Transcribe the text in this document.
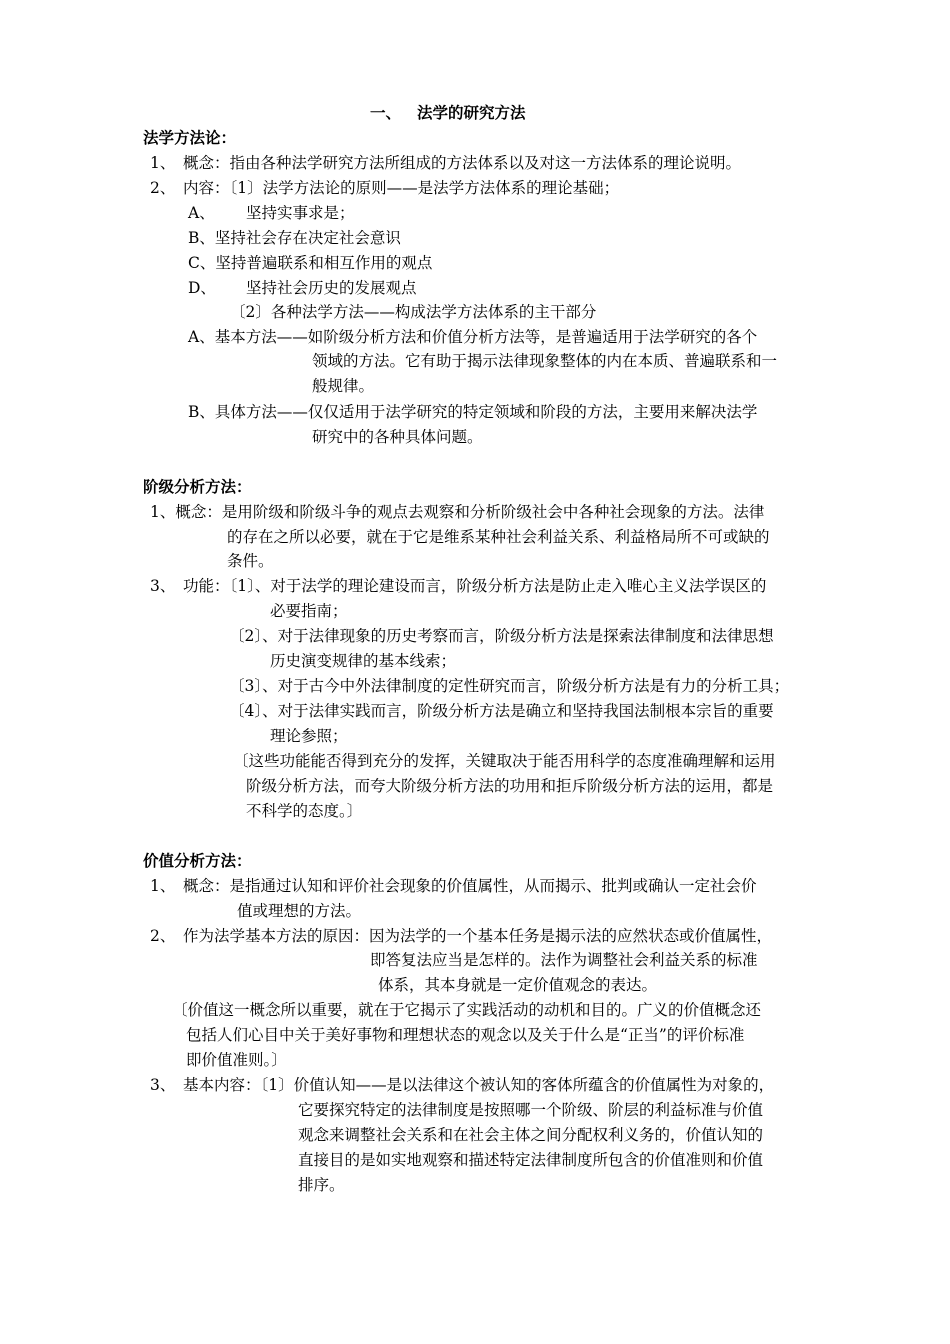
一、 法学的研究方法
法学方法论：
1、 概念：指由各种法学研究方法所组成的方法体系以及对这一方法体系的理论说明。
2、 内容：〔1〕法学方法论的原则——是法学方法体系的理论基础；
A、 坚持实事求是；
B、坚持社会存在决定社会意识
C、坚持普遍联系和相互作用的观点
D、 坚持社会历史的发展观点
〔2〕各种法学方法——构成法学方法体系的主干部分
A、基本方法——如阶级分析方法和价值分析方法等，是普遍适用于法学研究的各个
领域的方法。它有助于揭示法律现象整体的内在本质、普遍联系和一
般规律。
B、具体方法——仅仅适用于法学研究的特定领域和阶段的方法，主要用来解决法学
研究中的各种具体问题。
阶级分析方法：
1、概念：是用阶级和阶级斗争的观点去观察和分析阶级社会中各种社会现象的方法。法律
的存在之所以必要，就在于它是维系某种社会利益关系、利益格局所不可或缺的
条件。
3、 功能：〔1〕、对于法学的理论建设而言，阶级分析方法是防止走入唯心主义法学误区的
必要指南；
〔2〕、对于法律现象的历史考察而言，阶级分析方法是探索法律制度和法律思想
历史演变规律的基本线索；
〔3〕、对于古今中外法律制度的定性研究而言，阶级分析方法是有力的分析工具；
〔4〕、对于法律实践而言，阶级分析方法是确立和坚持我国法制根本宗旨的重要
理论参照；
〔这些功能能否得到充分的发挥，关键取决于能否用科学的态度准确理解和运用
阶级分析方法，而夸大阶级分析方法的功用和拒斥阶级分析方法的运用，都是
不科学的态度。〕
价值分析方法：
1、 概念：是指通过认知和评价社会现象的价值属性，从而揭示、批判或确认一定社会价
值或理想的方法。
2、 作为法学基本方法的原因：因为法学的一个基本任务是揭示法的应然状态或价值属性，
即答复法应当是怎样的。法作为调整社会利益关系的标准
体系，其本身就是一定价值观念的表达。
〔价值这一概念所以重要，就在于它揭示了实践活动的动机和目的。广义的价值概念还
包括人们心目中关于美好事物和理想状态的观念以及关于什么是“正当”的评价标准
即价值准则。〕
3、 基本内容：〔1〕价值认知——是以法律这个被认知的客体所蕴含的价值属性为对象的，
它要探究特定的法律制度是按照哪一个阶级、阶层的利益标准与价值
观念来调整社会关系和在社会主体之间分配权利义务的，价值认知的
直接目的是如实地观察和描述特定法律制度所包含的价值准则和价值
排序。
